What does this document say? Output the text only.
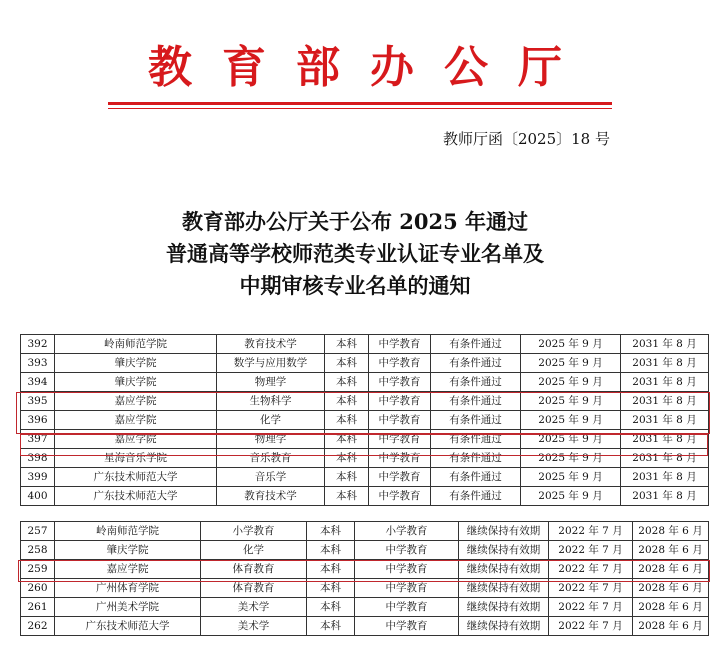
教育部办公厅
教师厅函〔2025〕18 号
教育部办公厅关于公布 2025 年通过
普通高等学校师范类专业认证专业名单及
中期审核专业名单的通知
392	岭南师范学院	教育技术学	本科	中学教育	有条件通过	2025 年 9 月	2031 年 8 月
393	肇庆学院	数学与应用数学	本科	中学教育	有条件通过	2025 年 9 月	2031 年 8 月
394	肇庆学院	物理学	本科	中学教育	有条件通过	2025 年 9 月	2031 年 8 月
395	嘉应学院	生物科学	本科	中学教育	有条件通过	2025 年 9 月	2031 年 8 月
396	嘉应学院	化学	本科	中学教育	有条件通过	2025 年 9 月	2031 年 8 月
397	嘉应学院	物理学	本科	中学教育	有条件通过	2025 年 9 月	2031 年 8 月
398	星海音乐学院	音乐教育	本科	中学教育	有条件通过	2025 年 9 月	2031 年 8 月
399	广东技术师范大学	音乐学	本科	中学教育	有条件通过	2025 年 9 月	2031 年 8 月
400	广东技术师范大学	教育技术学	本科	中学教育	有条件通过	2025 年 9 月	2031 年 8 月
257	岭南师范学院	小学教育	本科	小学教育	继续保持有效期	2022 年 7 月	2028 年 6 月
258	肇庆学院	化学	本科	中学教育	继续保持有效期	2022 年 7 月	2028 年 6 月
259	嘉应学院	体育教育	本科	中学教育	继续保持有效期	2022 年 7 月	2028 年 6 月
260	广州体育学院	体育教育	本科	中学教育	继续保持有效期	2022 年 7 月	2028 年 6 月
261	广州美术学院	美术学	本科	中学教育	继续保持有效期	2022 年 7 月	2028 年 6 月
262	广东技术师范大学	美术学	本科	中学教育	继续保持有效期	2022 年 7 月	2028 年 6 月
